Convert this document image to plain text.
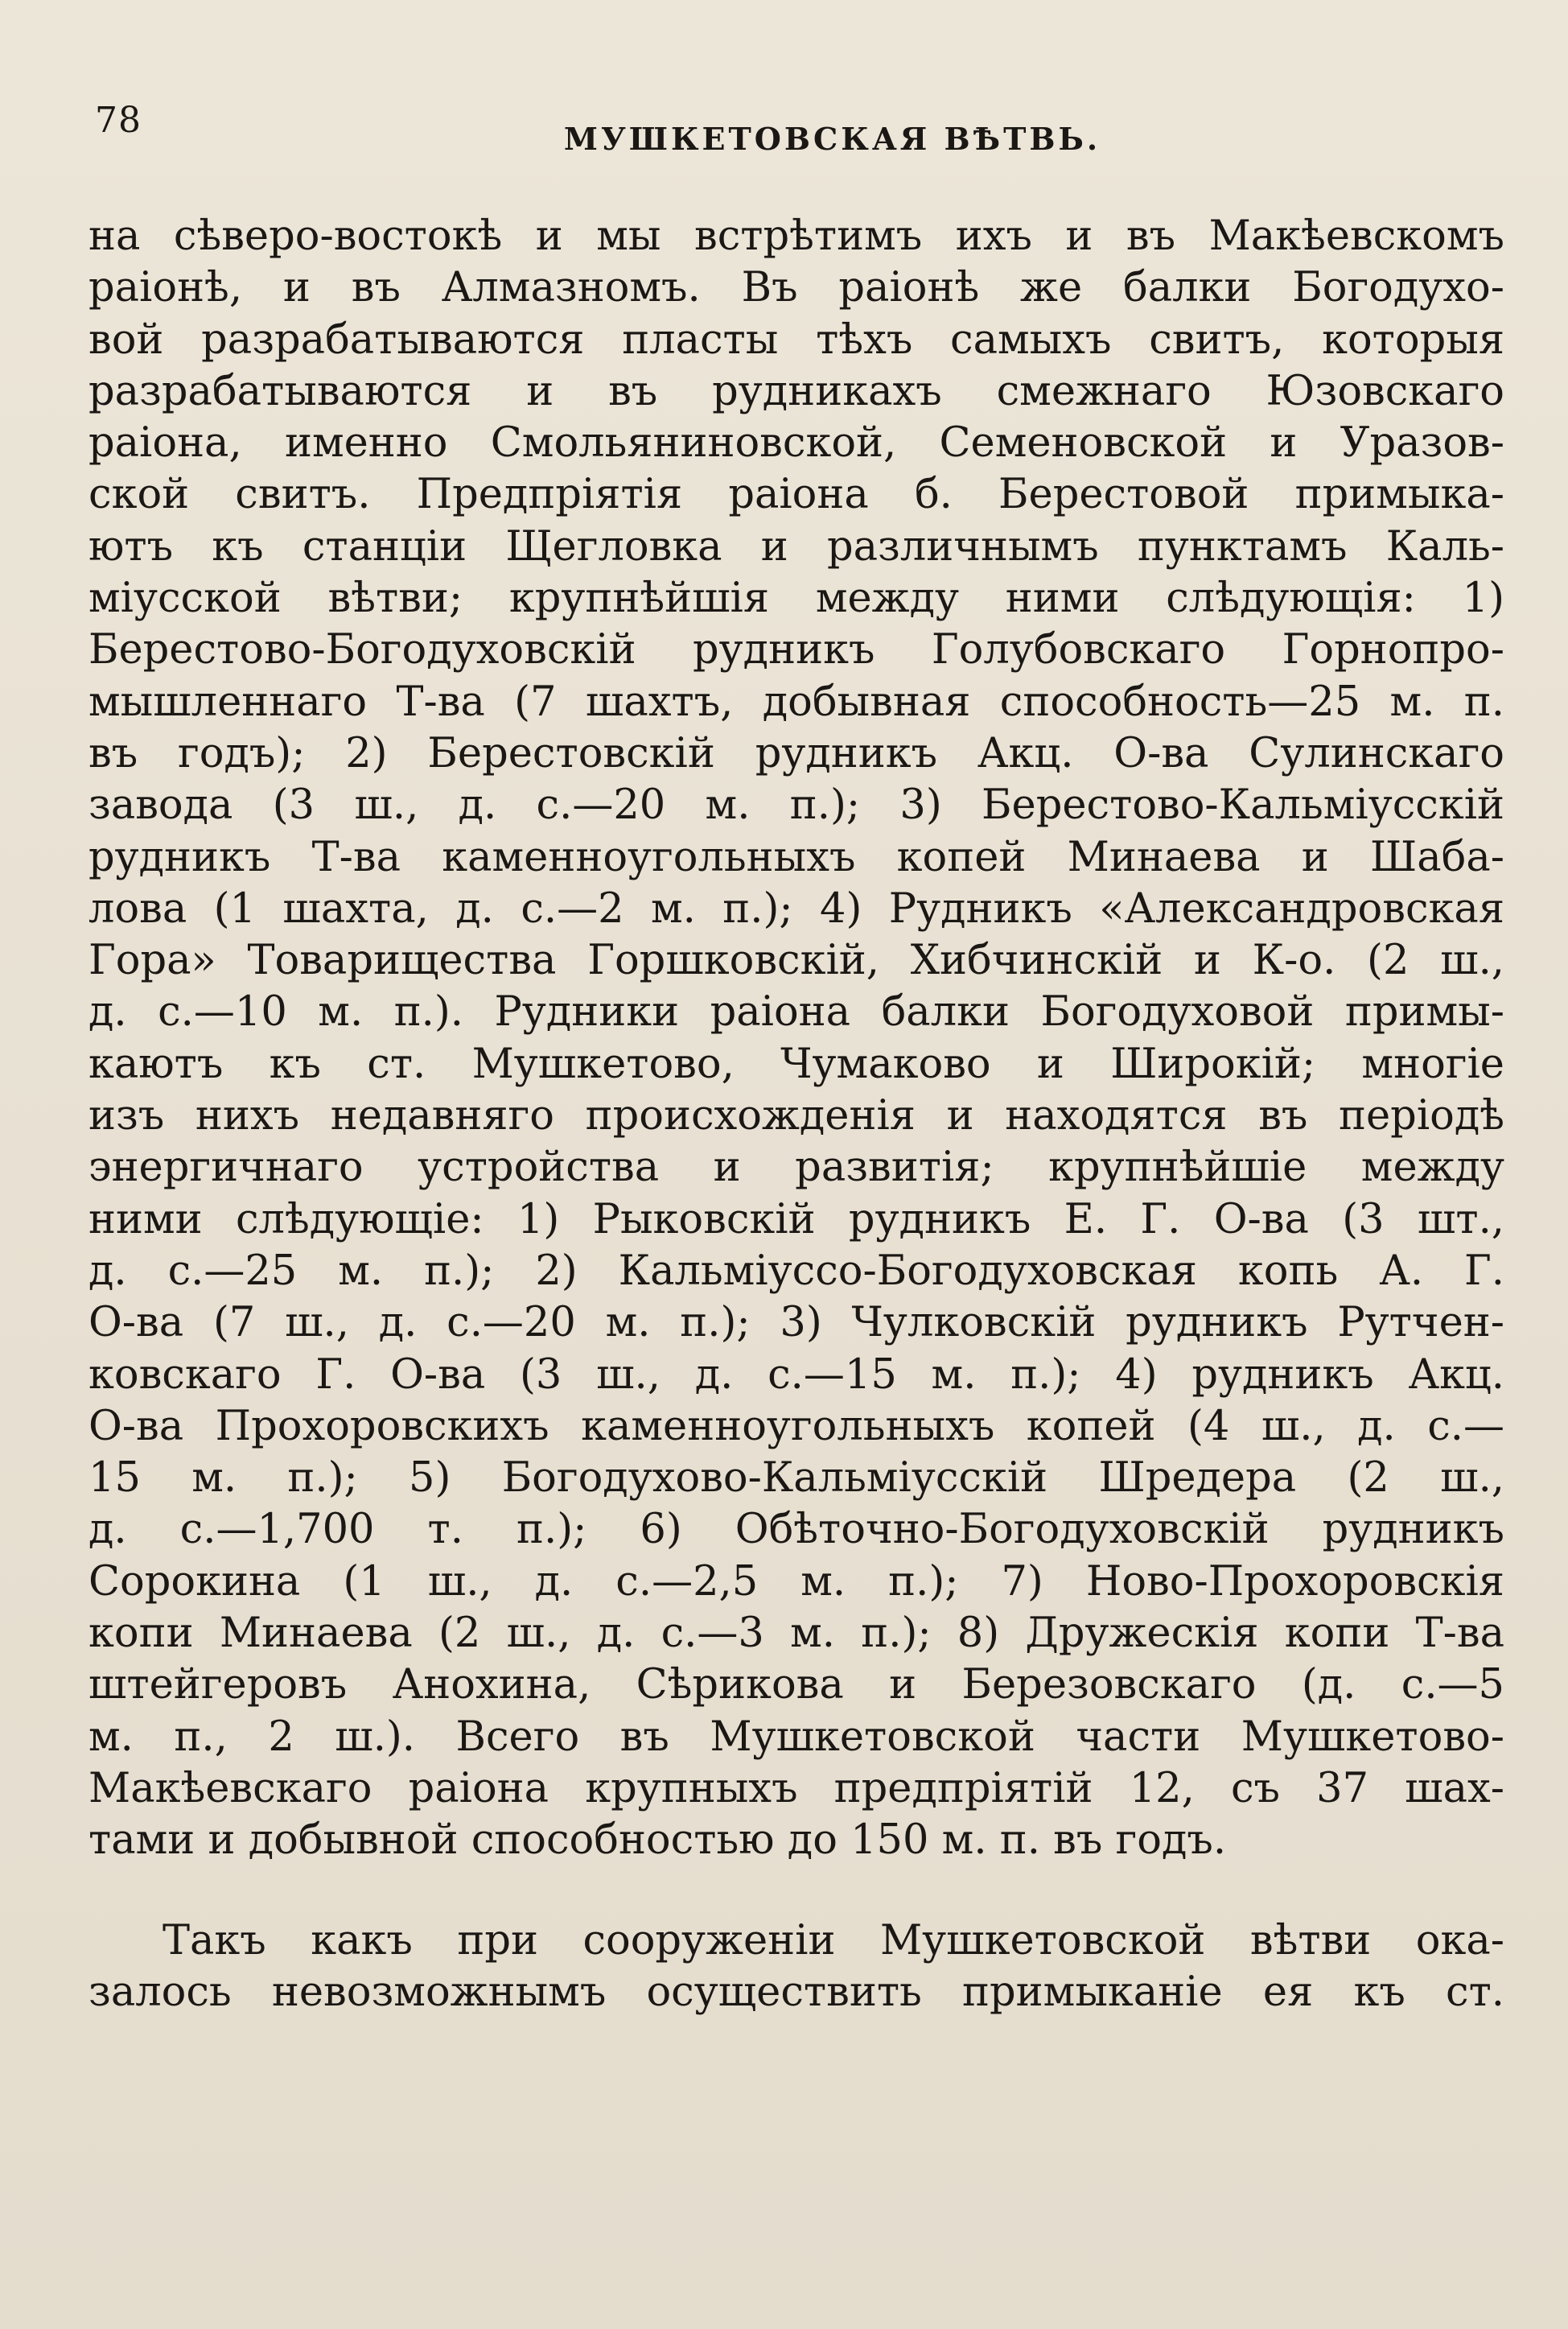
78	МУШКЕТОВСКАЯ ВѢТВЬ.
на сѣверо-востокѣ и мы встрѣтимъ ихъ и въ Макѣевскомъ
раіонѣ, и въ Алмазномъ. Въ раіонѣ же балки Богодухо-
вой разрабатываются пласты тѣхъ самыхъ свитъ, которыя
разрабатываются и въ рудникахъ смежнаго Юзовскаго
раіона, именно Смольяниновской, Семеновской и Уразов-
ской свитъ. Предпріятія раіона б. Берестовой примыка-
ютъ къ станціи Щегловка и различнымъ пунктамъ Каль-
міусской вѣтви; крупнѣйшія между ними слѣдующія: 1)
Берестово-Богодуховскій рудникъ Голубовскаго Горнопро-
мышленнаго Т-ва (7 шахтъ, добывная способность—25 м. п.
въ годъ); 2) Берестовскій рудникъ Акц. О-ва Сулинскаго
завода (3 ш., д. с.—20 м. п.); 3) Берестово-Кальміусскій
рудникъ Т-ва каменноугольныхъ копей Минаева и Шаба-
лова (1 шахта, д. с.—2 м. п.); 4) Рудникъ «Александровская
Гора» Товарищества Горшковскій, Хибчинскій и К-о. (2 ш.,
д. с.—10 м. п.). Рудники раіона балки Богодуховой примы-
каютъ къ ст. Мушкетово, Чумаково и Широкій; многіе
изъ нихъ недавняго происхожденія и находятся въ періодѣ
энергичнаго устройства и развитія; крупнѣйшіе между
ними слѣдующіе: 1) Рыковскій рудникъ Е. Г. О-ва (3 шт.,
д. с.—25 м. п.); 2) Кальміуссо-Богодуховская копь А. Г.
О-ва (7 ш., д. с.—20 м. п.); 3) Чулковскій рудникъ Рутчен-
ковскаго Г. О-ва (3 ш., д. с.—15 м. п.); 4) рудникъ Акц.
О-ва Прохоровскихъ каменноугольныхъ копей (4 ш., д. с.—
15 м. п.); 5) Богодухово-Кальміусскій Шредера (2 ш.,
д. с.—1,700 т. п.); 6) Обѣточно-Богодуховскій рудникъ
Сорокина (1 ш., д. с.—2,5 м. п.); 7) Ново-Прохоровскія
копи Минаева (2 ш., д. с.—3 м. п.); 8) Дружескія копи Т-ва
штейгеровъ Анохина, Сѣрикова и Березовскаго (д. с.—5
м. п., 2 ш.). Всего въ Мушкетовской части Мушкетово-
Макѣевскаго раіона крупныхъ предпріятій 12, съ 37 шах-
тами и добывной способностью до 150 м. п. въ годъ.
Такъ какъ при сооруженіи Мушкетовской вѣтви ока-
залось невозможнымъ осуществить примыканіе ея къ ст.
